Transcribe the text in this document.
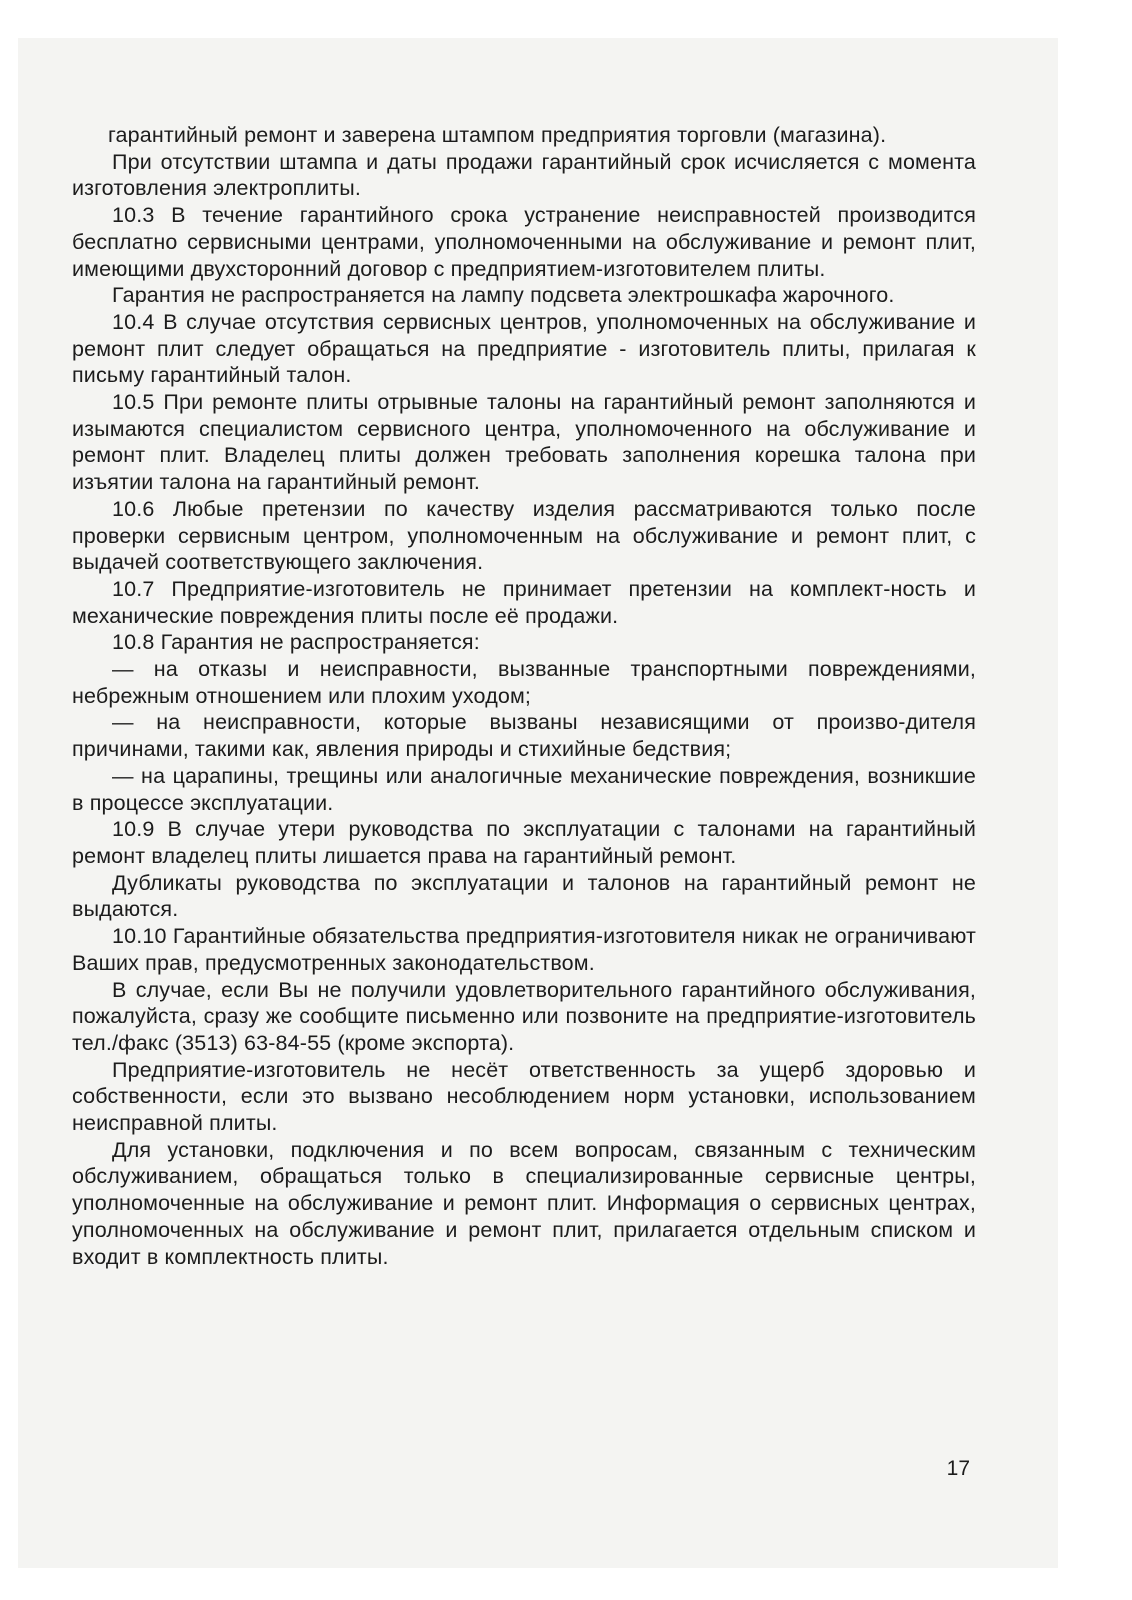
гарантийный ремонт и заверена штампом предприятия торговли (магазина).

При отсутствии штампа и даты продажи гарантийный срок исчисляется с момента изготовления электроплиты.

10.3 В течение гарантийного срока устранение неисправностей производится бесплатно сервисными центрами, уполномоченными на обслуживание и ремонт плит, имеющими двухсторонний договор с предприятием-изготовителем плиты.

Гарантия не распространяется на лампу подсвета электрошкафа жарочного.

10.4 В случае отсутствия сервисных центров, уполномоченных на обслуживание и ремонт плит следует обращаться на предприятие - изготовитель плиты, прилагая к письму гарантийный талон.

10.5 При ремонте плиты отрывные талоны на гарантийный ремонт заполняются и изымаются специалистом сервисного центра, уполномоченного на обслуживание и ремонт плит. Владелец плиты должен требовать заполнения корешка талона при изъятии талона на гарантийный ремонт.

10.6 Любые претензии по качеству изделия рассматриваются только после проверки сервисным центром, уполномоченным на обслуживание и ремонт плит, с выдачей соответствующего заключения.

10.7 Предприятие-изготовитель не принимает претензии на комплект-ность и механические повреждения плиты после её продажи.

10.8 Гарантия не распространяется:

— на отказы и неисправности, вызванные транспортными повреждениями, небрежным отношением или плохим уходом;

— на неисправности, которые вызваны независящими от произво-дителя причинами, такими как, явления природы и стихийные бедствия;

— на царапины, трещины или аналогичные механические повреждения, возникшие в процессе эксплуатации.

10.9 В случае утери руководства по эксплуатации с талонами на гарантийный ремонт владелец плиты лишается права на гарантийный ремонт.

Дубликаты руководства по эксплуатации и талонов на гарантийный ремонт не выдаются.

10.10 Гарантийные обязательства предприятия-изготовителя никак не ограничивают Ваших прав, предусмотренных законодательством.

В случае, если Вы не получили удовлетворительного гарантийного обслуживания, пожалуйста, сразу же сообщите письменно или позвоните на предприятие-изготовитель тел./факс (3513) 63-84-55 (кроме экспорта).

Предприятие-изготовитель не несёт ответственность за ущерб здоровью и собственности, если это вызвано несоблюдением норм установки, использованием неисправной плиты.

Для установки, подключения и по всем вопросам, связанным с техническим обслуживанием, обращаться только в специализированные сервисные центры, уполномоченные на обслуживание и ремонт плит. Информация о сервисных центрах, уполномоченных на обслуживание и ремонт плит, прилагается отдельным списком и входит в комплектность плиты.

17
